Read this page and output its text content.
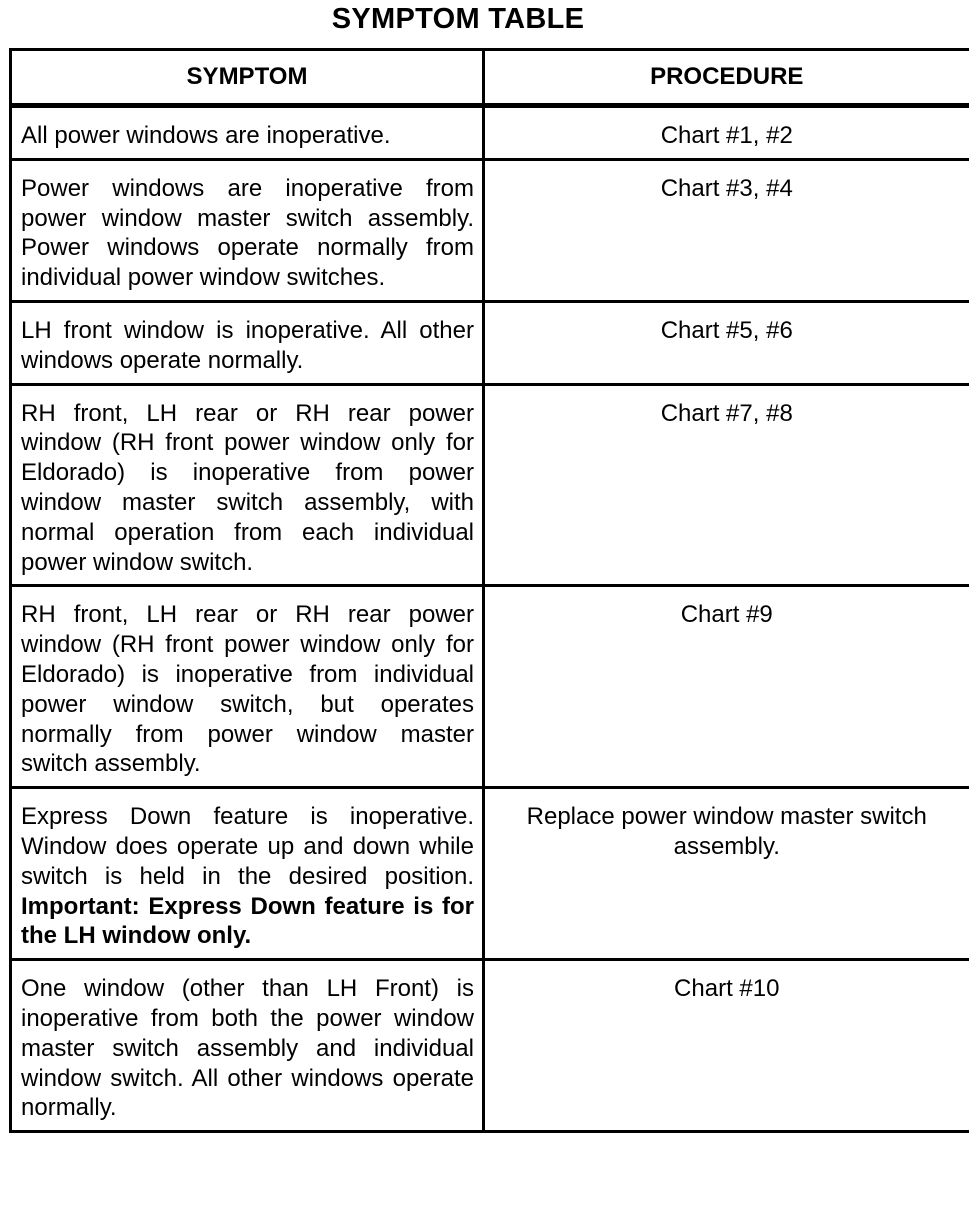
SYMPTOM TABLE
SYMPTOM	PROCEDURE
All power windows are inoperative.	Chart #1, #2
Power windows are inoperative from power window master switch assembly. Power windows operate normally from individual power window switches.	Chart #3, #4
LH front window is inoperative. All other windows operate normally.	Chart #5, #6
RH front, LH rear or RH rear power window (RH front power window only for Eldorado) is inoperative from power window master switch assembly, with normal operation from each individual power window switch.	Chart #7, #8
RH front, LH rear or RH rear power window (RH front power window only for Eldorado) is inoperative from individual power window switch, but operates normally from power window master switch assembly.	Chart #9
Express Down feature is inoperative. Window does operate up and down while switch is held in the desired position. Important: Express Down feature is for the LH window only.	Replace power window master switch assembly.
One window (other than LH Front) is inoperative from both the power window master switch assembly and individual window switch. All other windows operate normally.	Chart #10
